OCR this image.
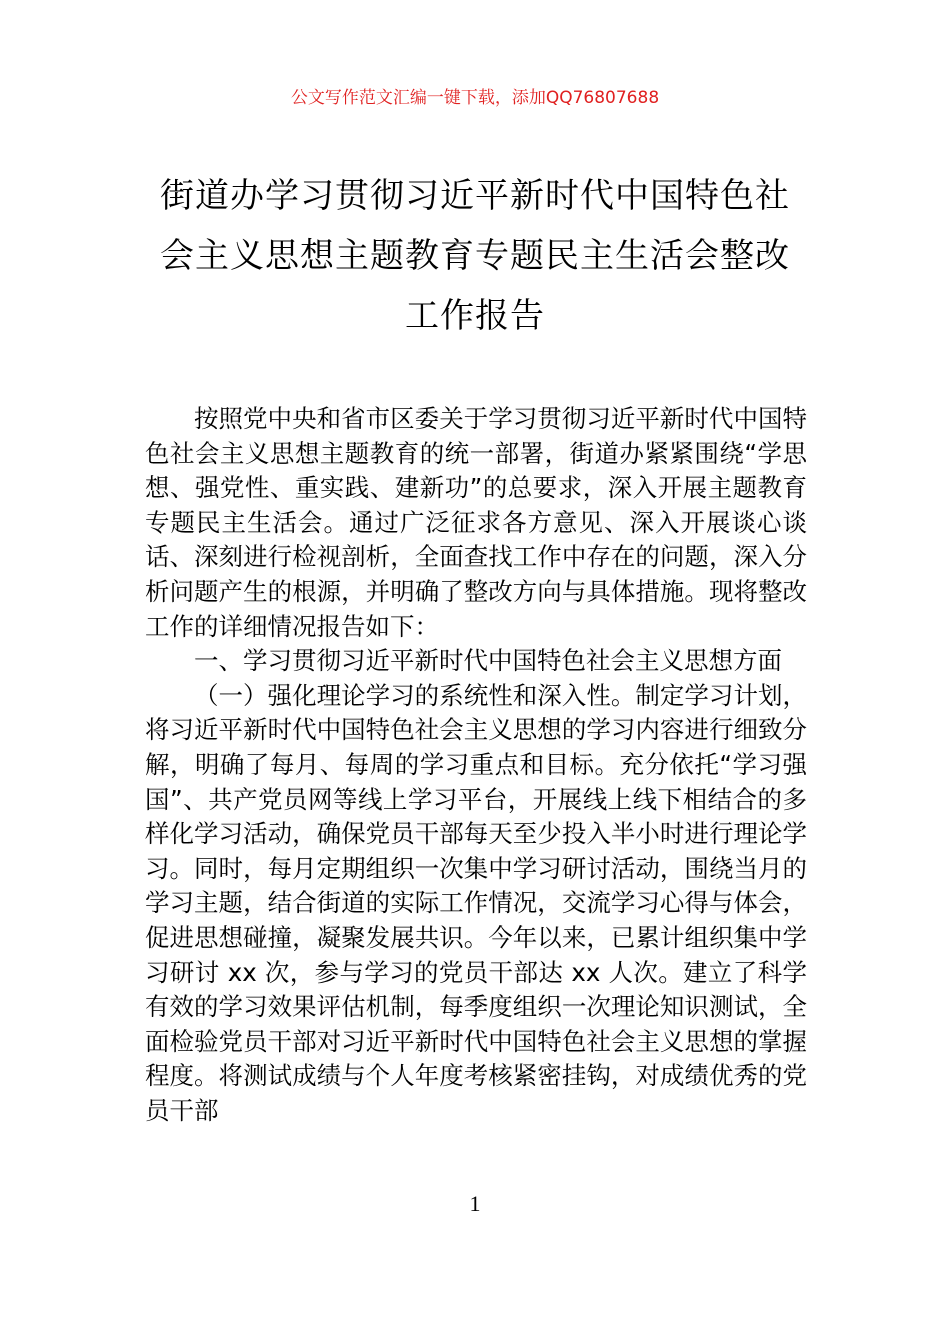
公文写作范文汇编一键下载，添加QQ76807688
街道办学习贯彻习近平新时代中国特色社
会主义思想主题教育专题民主生活会整改
工作报告

按照党中央和省市区委关于学习贯彻习近平新时代中国特色社会主义思想主题教育的统一部署，街道办紧紧围绕“学思想、强党性、重实践、建新功”的总要求，深入开展主题教育专题民主生活会。通过广泛征求各方意见、深入开展谈心谈话、深刻进行检视剖析，全面查找工作中存在的问题，深入分析问题产生的根源，并明确了整改方向与具体措施。现将整改工作的详细情况报告如下：

一、学习贯彻习近平新时代中国特色社会主义思想方面

（一）强化理论学习的系统性和深入性。制定学习计划，将习近平新时代中国特色社会主义思想的学习内容进行细致分解，明确了每月、每周的学习重点和目标。充分依托“学习强国”、共产党员网等线上学习平台，开展线上线下相结合的多样化学习活动，确保党员干部每天至少投入半小时进行理论学习。同时，每月定期组织一次集中学习研讨活动，围绕当月的学习主题，结合街道的实际工作情况，交流学习心得与体会，促进思想碰撞，凝聚发展共识。今年以来，已累计组织集中学习研讨 xx 次，参与学习的党员干部达 xx 人次。建立了科学有效的学习效果评估机制，每季度组织一次理论知识测试，全面检验党员干部对习近平新时代中国特色社会主义思想的掌握程度。将测试成绩与个人年度考核紧密挂钩，对成绩优秀的党员干部

1
